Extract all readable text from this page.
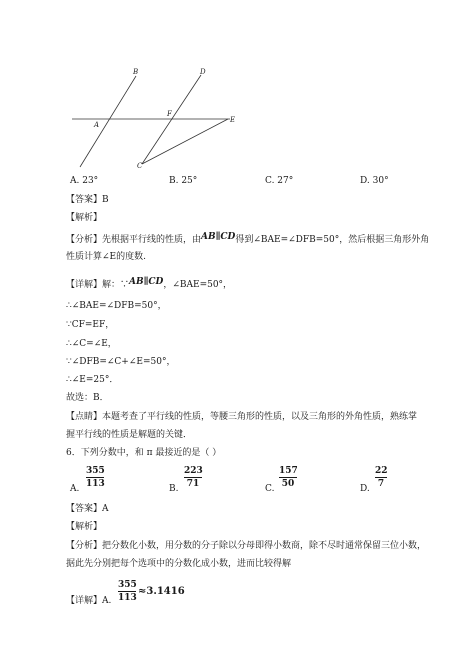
B	D
A
F
E
C
A. 23°	B. 25°	C. 27°	D. 30°
【答案】B
【解析】
【分析】先根据平行线的性质，由AB∥CD得到∠BAE=∠DFB=50°，然后根据三角形外角
性质计算∠E的度数.
【详解】解：∵AB∥CD，∠BAE=50°，
∴∠BAE=∠DFB=50°，
∵CF=EF，
∴∠C=∠E，
∵∠DFB=∠C+∠E=50°，
∴∠E=25°．
故选：B．
【点睛】本题考查了平行线的性质，等腰三角形的性质，以及三角形的外角性质，熟练掌
握平行线的性质是解题的关键．
6．下列分数中，和 π 最接近的是（ ）
A.
355
113	B.
223
71	C.
157
50	D.
22
7
【答案】A
【解析】
【分析】把分数化小数，用分数的分子除以分母即得小数商，除不尽时通常保留三位小数，
据此先分别把每个选项中的分数化成小数，进而比较得解
【详解】A.
355
113
≈3.1416
